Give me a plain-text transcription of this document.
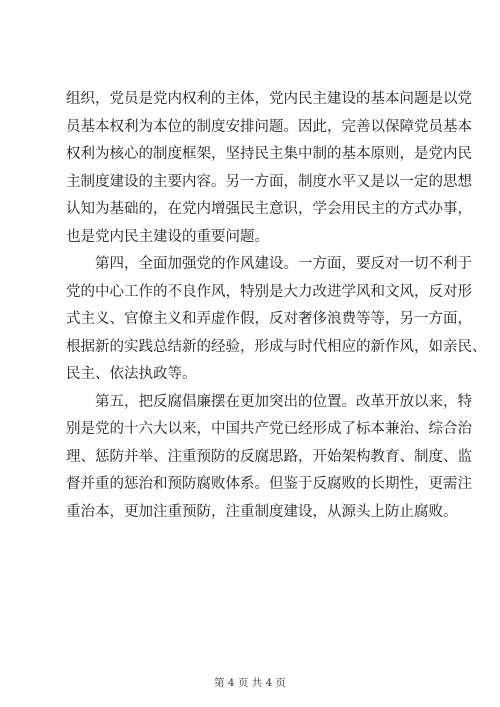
组织，党员是党内权利的主体，党内民主建设的基本问题是以党
员基本权利为本位的制度安排问题。因此，完善以保障党员基本
权利为核心的制度框架，坚持民主集中制的基本原则，是党内民
主制度建设的主要内容。另一方面，制度水平又是以一定的思想
认知为基础的，在党内增强民主意识，学会用民主的方式办事，
也是党内民主建设的重要问题。
第四，全面加强党的作风建设。一方面，要反对一切不利于
党的中心工作的不良作风，特别是大力改进学风和文风，反对形
式主义、官僚主义和弄虚作假，反对奢侈浪费等等，另一方面，
根据新的实践总结新的经验，形成与时代相应的新作风，如亲民、
民主、依法执政等。
第五，把反腐倡廉摆在更加突出的位置。改革开放以来，特
别是党的十六大以来，中国共产党已经形成了标本兼治、综合治
理、惩防并举、注重预防的反腐思路，开始架构教育、制度、监
督并重的惩治和预防腐败体系。但鉴于反腐败的长期性，更需注
重治本，更加注重预防，注重制度建设，从源头上防止腐败。
第 4 页 共 4 页
